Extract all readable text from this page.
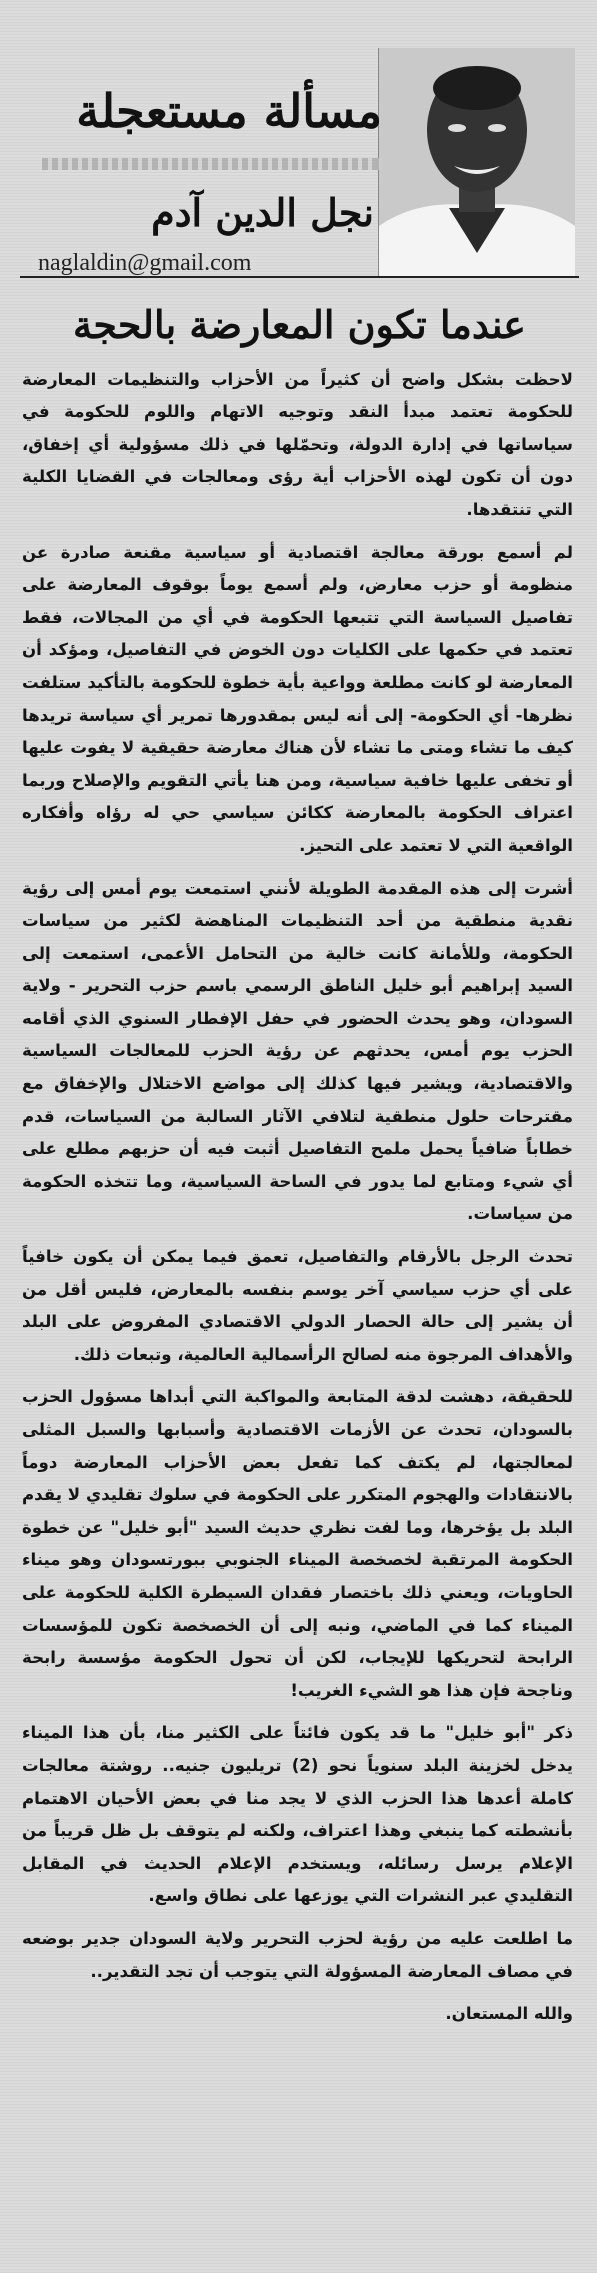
مسألة مستعجلة
نجل الدين آدم
naglaldin@gmail.com
عندما تكون المعارضة بالحجة

لاحظت بشكل واضح أن كثيراً من الأحزاب والتنظيمات المعارضة للحكومة تعتمد مبدأ النقد وتوجيه الاتهام واللوم للحكومة في سياساتها في إدارة الدولة، وتحمّلها في ذلك مسؤولية أي إخفاق، دون أن تكون لهذه الأحزاب أية رؤى ومعالجات في القضايا الكلية التي تنتقدها.

لم أسمع بورقة معالجة اقتصادية أو سياسية مقنعة صادرة عن منظومة أو حزب معارض، ولم أسمع يوماً بوقوف المعارضة على تفاصيل السياسة التي تتبعها الحكومة في أي من المجالات، فقط تعتمد في حكمها على الكليات دون الخوض في التفاصيل، ومؤكد أن المعارضة لو كانت مطلعة وواعية بأية خطوة للحكومة بالتأكيد ستلفت نظرها- أي الحكومة- إلى أنه ليس بمقدورها تمرير أي سياسة تريدها كيف ما تشاء ومتى ما تشاء لأن هناك معارضة حقيقية لا يفوت عليها أو تخفى عليها خافية سياسية، ومن هنا يأتي التقويم والإصلاح وربما اعتراف الحكومة بالمعارضة ككائن سياسي حي له رؤاه وأفكاره الواقعية التي لا تعتمد على التحيز.

أشرت إلى هذه المقدمة الطويلة لأنني استمعت يوم أمس إلى رؤية نقدية منطقية من أحد التنظيمات المناهضة لكثير من سياسات الحكومة، وللأمانة كانت خالية من التحامل الأعمى، استمعت إلى السيد إبراهيم أبو خليل الناطق الرسمي باسم حزب التحرير - ولاية السودان، وهو يحدث الحضور في حفل الإفطار السنوي الذي أقامه الحزب يوم أمس، يحدثهم عن رؤية الحزب للمعالجات السياسية والاقتصادية، ويشير فيها كذلك إلى مواضع الاختلال والإخفاق مع مقترحات حلول منطقية لتلافي الآثار السالبة من السياسات، قدم خطاباً ضافياً يحمل ملمح التفاصيل أثبت فيه أن حزبهم مطلع على أي شيء ومتابع لما يدور في الساحة السياسية، وما تتخذه الحكومة من سياسات.

تحدث الرجل بالأرقام والتفاصيل، تعمق فيما يمكن أن يكون خافياً على أي حزب سياسي آخر يوسم بنفسه بالمعارض، فليس أقل من أن يشير إلى حالة الحصار الدولي الاقتصادي المفروض على البلد والأهداف المرجوة منه لصالح الرأسمالية العالمية، وتبعات ذلك.

للحقيقة، دهشت لدقة المتابعة والمواكبة التي أبداها مسؤول الحزب بالسودان، تحدث عن الأزمات الاقتصادية وأسبابها والسبل المثلى لمعالجتها، لم يكتف كما تفعل بعض الأحزاب المعارضة دوماً بالانتقادات والهجوم المتكرر على الحكومة في سلوك تقليدي لا يقدم البلد بل يؤخرها، وما لفت نظري حديث السيد "أبو خليل" عن خطوة الحكومة المرتقبة لخصخصة الميناء الجنوبي ببورتسودان وهو ميناء الحاويات، ويعني ذلك باختصار فقدان السيطرة الكلية للحكومة على الميناء كما في الماضي، ونبه إلى أن الخصخصة تكون للمؤسسات الرابحة لتحريكها للإيجاب، لكن أن تحول الحكومة مؤسسة رابحة وناجحة فإن هذا هو الشيء الغريب!

ذكر "أبو خليل" ما قد يكون فائتاً على الكثير منا، بأن هذا الميناء يدخل لخزينة البلد سنوياً نحو (2) تريليون جنيه.. روشتة معالجات كاملة أعدها هذا الحزب الذي لا يجد منا في بعض الأحيان الاهتمام بأنشطته كما ينبغي وهذا اعتراف، ولكنه لم يتوقف بل ظل قريباً من الإعلام يرسل رسائله، ويستخدم الإعلام الحديث في المقابل التقليدي عبر النشرات التي يوزعها على نطاق واسع.

ما اطلعت عليه من رؤية لحزب التحرير ولاية السودان جدير بوضعه في مصاف المعارضة المسؤولة التي يتوجب أن تجد التقدير..

والله المستعان.
